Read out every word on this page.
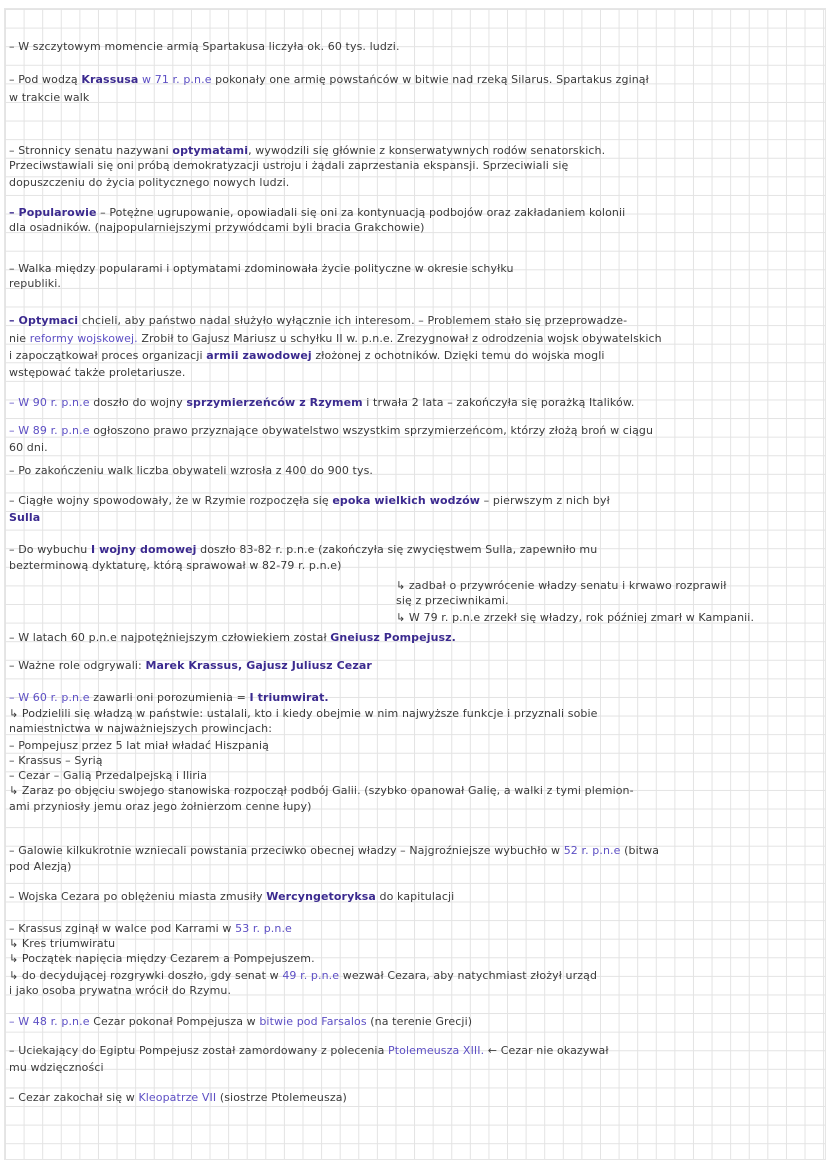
– W szczytowym momencie armią Spartakusa liczyła ok. 60 tys. ludzi.
– Pod wodzą Krassusa w 71 r. p.n.e pokonały one armię powstańców w bitwie nad rzeką Silarus. Spartakus zginął
w trakcie walk
– Stronnicy senatu nazywani optymatami, wywodzili się głównie z konserwatywnych rodów senatorskich.
Przeciwstawiali się oni próbą demokratyzacji ustroju i żądali zaprzestania ekspansji. Sprzeciwiali się
dopuszczeniu do życia politycznego nowych ludzi.
– Popularowie – Potężne ugrupowanie, opowiadali się oni za kontynuacją podbojów oraz zakładaniem kolonii
dla osadników. (najpopularniejszymi przywódcami byli bracia Grakchowie)
– Walka między popularami i optymatami zdominowała życie polityczne w okresie schyłku
republiki.
– Optymaci chcieli, aby państwo nadal służyło wyłącznie ich interesom. – Problemem stało się przeprowadze-
nie reformy wojskowej. Zrobił to Gajusz Mariusz u schyłku II w. p.n.e. Zrezygnował z odrodzenia wojsk obywatelskich
i zapoczątkował proces organizacji armii zawodowej złożonej z ochotników. Dzięki temu do wojska mogli
wstępować także proletariusze.
– W 90 r. p.n.e doszło do wojny sprzymierzeńców z Rzymem i trwała 2 lata – zakończyła się porażką Italików.
– W 89 r. p.n.e ogłoszono prawo przyznające obywatelstwo wszystkim sprzymierzeńcom, którzy złożą broń w ciągu
60 dni.
– Po zakończeniu walk liczba obywateli wzrosła z 400 do 900 tys.
– Ciągłe wojny spowodowały, że w Rzymie rozpoczęła się epoka wielkich wodzów – pierwszym z nich był
Sulla
– Do wybuchu I wojny domowej doszło 83-82 r. p.n.e (zakończyła się zwycięstwem Sulla, zapewniło mu
bezterminową dyktaturę, którą sprawował w 82-79 r. p.n.e)
↳ zadbał o przywrócenie władzy senatu i krwawo rozprawił
się z przeciwnikami.
↳ W 79 r. p.n.e zrzekł się władzy, rok później zmarł w Kampanii.
– W latach 60 p.n.e najpotężniejszym człowiekiem został Gneiusz Pompejusz.
– Ważne role odgrywali: Marek Krassus, Gajusz Juliusz Cezar
– W 60 r. p.n.e zawarli oni porozumienia = I triumwirat.
↳ Podzielili się władzą w państwie: ustalali, kto i kiedy obejmie w nim najwyższe funkcje i przyznali sobie
namiestnictwa w najważniejszych prowincjach:
– Pompejusz przez 5 lat miał władać Hiszpanią
– Krassus – Syrią
– Cezar – Galią Przedalpejską i Iliria
↳ Zaraz po objęciu swojego stanowiska rozpoczął podbój Galii. (szybko opanował Galię, a walki z tymi plemion-
ami przyniosły jemu oraz jego żołnierzom cenne łupy)
– Galowie kilkukrotnie wzniecali powstania przeciwko obecnej władzy – Najgroźniejsze wybuchło w 52 r. p.n.e (bitwa
pod Alezją)
– Wojska Cezara po oblężeniu miasta zmusiły Wercyngetoryksa do kapitulacji
– Krassus zginął w walce pod Karrami w 53 r. p.n.e
↳ Kres triumwiratu
↳ Początek napięcia między Cezarem a Pompejuszem.
↳ do decydującej rozgrywki doszło, gdy senat w 49 r. p.n.e wezwał Cezara, aby natychmiast złożył urząd
i jako osoba prywatna wrócił do Rzymu.
– W 48 r. p.n.e Cezar pokonał Pompejusza w bitwie pod Farsalos (na terenie Grecji)
– Uciekający do Egiptu Pompejusz został zamordowany z polecenia Ptolemeusza XIII. ← Cezar nie okazywał
mu wdzięczności
– Cezar zakochał się w Kleopatrze VII (siostrze Ptolemeusza)
